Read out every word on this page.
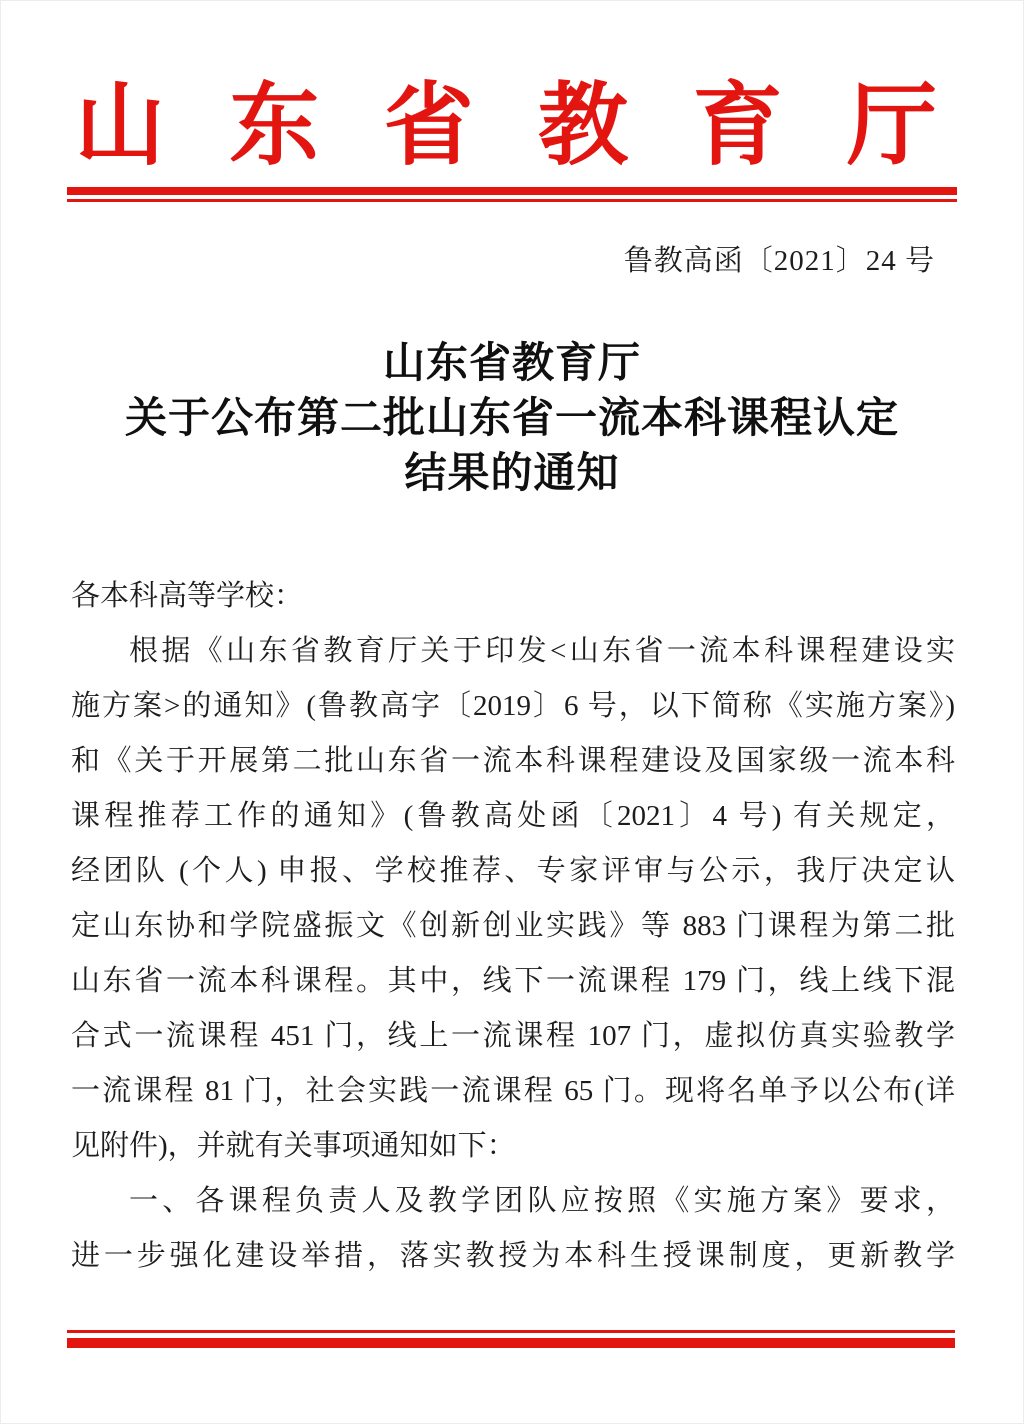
山 东 省 教 育 厅
鲁教高函〔2021〕24 号
山东省教育厅
关于公布第二批山东省一流本科课程认定
结果的通知
各本科高等学校：
根据《山东省教育厅关于印发<山东省一流本科课程建设实
施方案>的通知》(鲁教高字〔2019〕6 号，以下简称《实施方案》)
和《关于开展第二批山东省一流本科课程建设及国家级一流本科
课程推荐工作的通知》(鲁教高处函〔2021〕4 号) 有关规定，
经团队 (个人) 申报、学校推荐、专家评审与公示，我厅决定认
定山东协和学院盛振文《创新创业实践》等 883 门课程为第二批
山东省一流本科课程。其中，线下一流课程 179 门，线上线下混
合式一流课程 451 门，线上一流课程 107 门，虚拟仿真实验教学
一流课程 81 门，社会实践一流课程 65 门。现将名单予以公布(详
见附件)，并就有关事项通知如下：
一、各课程负责人及教学团队应按照《实施方案》要求，
进一步强化建设举措，落实教授为本科生授课制度，更新教学
